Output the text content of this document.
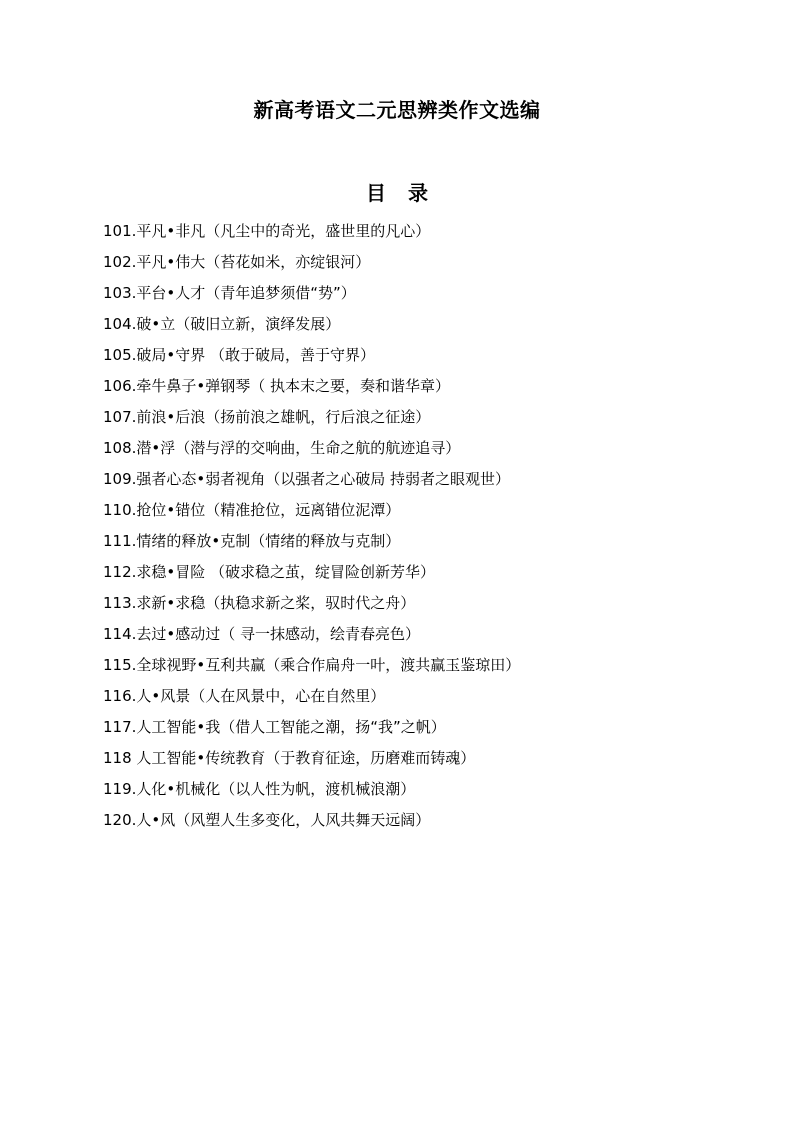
新高考语文二元思辨类作文选编
目 录
101.平凡•非凡（凡尘中的奇光，盛世里的凡心）
102.平凡•伟大（苔花如米，亦绽银河）
103.平台•人才（青年追梦须借“势”）
104.破•立（破旧立新，演绎发展）
105.破局•守界 （敢于破局，善于守界）
106.牵牛鼻子•弹钢琴（ 执本末之要，奏和谐华章）
107.前浪•后浪（扬前浪之雄帆，行后浪之征途）
108.潜•浮（潜与浮的交响曲，生命之航的航迹追寻）
109.强者心态•弱者视角（以强者之心破局 持弱者之眼观世）
110.抢位•错位（精准抢位，远离错位泥潭）
111.情绪的释放•克制（情绪的释放与克制）
112.求稳•冒险 （破求稳之茧，绽冒险创新芳华）
113.求新•求稳（执稳求新之桨，驭时代之舟）
114.去过•感动过（ 寻一抹感动，绘青春亮色）
115.全球视野•互利共赢（乘合作扁舟一叶，渡共赢玉鉴琼田）
116.人•风景（人在风景中，心在自然里）
117.人工智能•我（借人工智能之潮，扬“我”之帆）
118 人工智能•传统教育（于教育征途，历磨难而铸魂）
119.人化•机械化（以人性为帆，渡机械浪潮）
120.人•风（风塑人生多变化，人风共舞天远阔）
